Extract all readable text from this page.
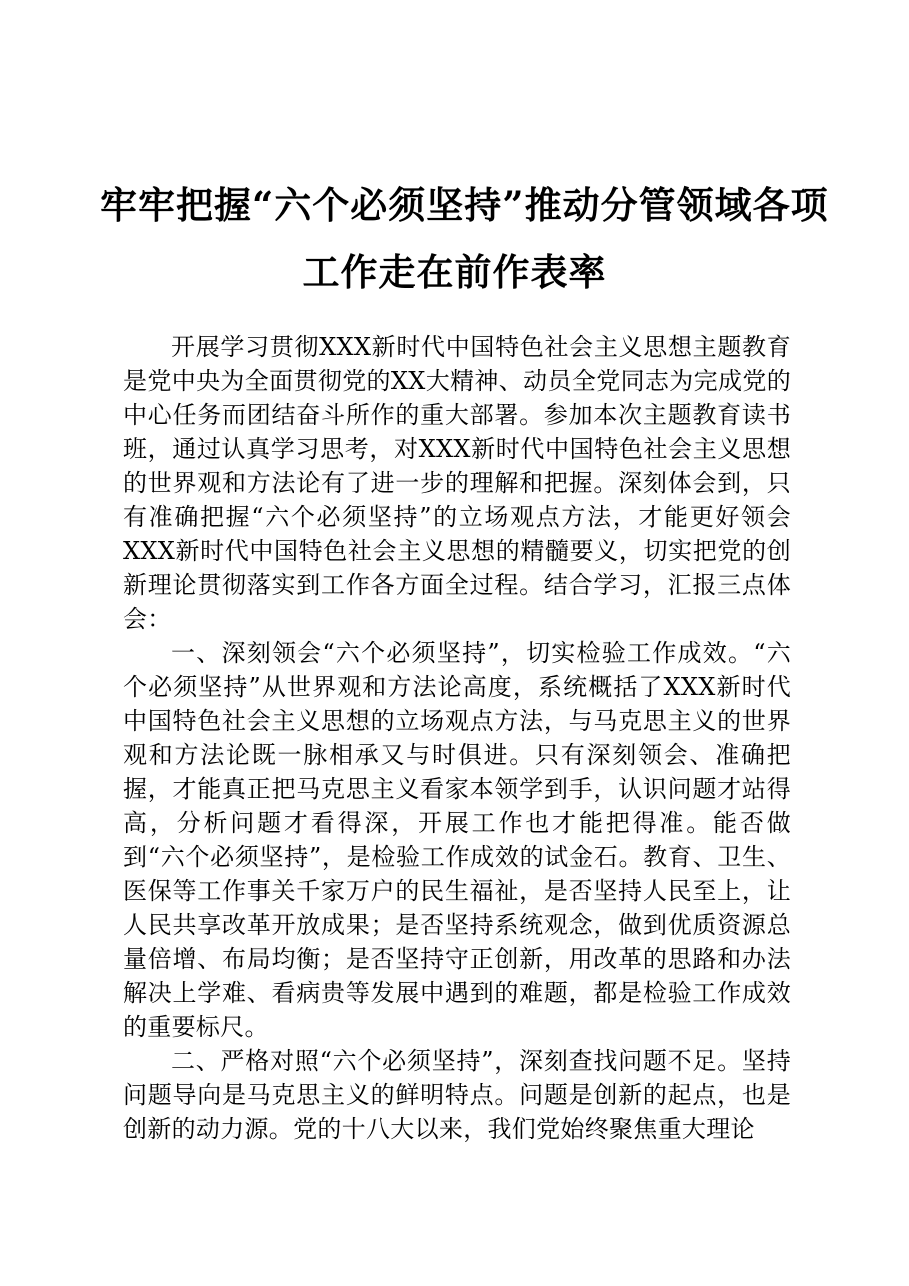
牢牢把握“六个必须坚持”推动分管领域各项
工作走在前作表率

开展学习贯彻XXX新时代中国特色社会主义思想主题教育是党中央为全面贯彻党的XX大精神、动员全党同志为完成党的中心任务而团结奋斗所作的重大部署。参加本次主题教育读书班，通过认真学习思考，对XXX新时代中国特色社会主义思想的世界观和方法论有了进一步的理解和把握。深刻体会到，只有准确把握“六个必须坚持”的立场观点方法，才能更好领会XXX新时代中国特色社会主义思想的精髓要义，切实把党的创新理论贯彻落实到工作各方面全过程。结合学习，汇报三点体会：

一、深刻领会“六个必须坚持”，切实检验工作成效。“六个必须坚持”从世界观和方法论高度，系统概括了XXX新时代中国特色社会主义思想的立场观点方法，与马克思主义的世界观和方法论既一脉相承又与时俱进。只有深刻领会、准确把握，才能真正把马克思主义看家本领学到手，认识问题才站得高，分析问题才看得深，开展工作也才能把得准。能否做到“六个必须坚持”，是检验工作成效的试金石。教育、卫生、医保等工作事关千家万户的民生福祉，是否坚持人民至上，让人民共享改革开放成果；是否坚持系统观念，做到优质资源总量倍增、布局均衡；是否坚持守正创新，用改革的思路和办法解决上学难、看病贵等发展中遇到的难题，都是检验工作成效的重要标尺。

二、严格对照“六个必须坚持”，深刻查找问题不足。坚持问题导向是马克思主义的鲜明特点。问题是创新的起点，也是创新的动力源。党的十八大以来，我们党始终聚焦重大理论
